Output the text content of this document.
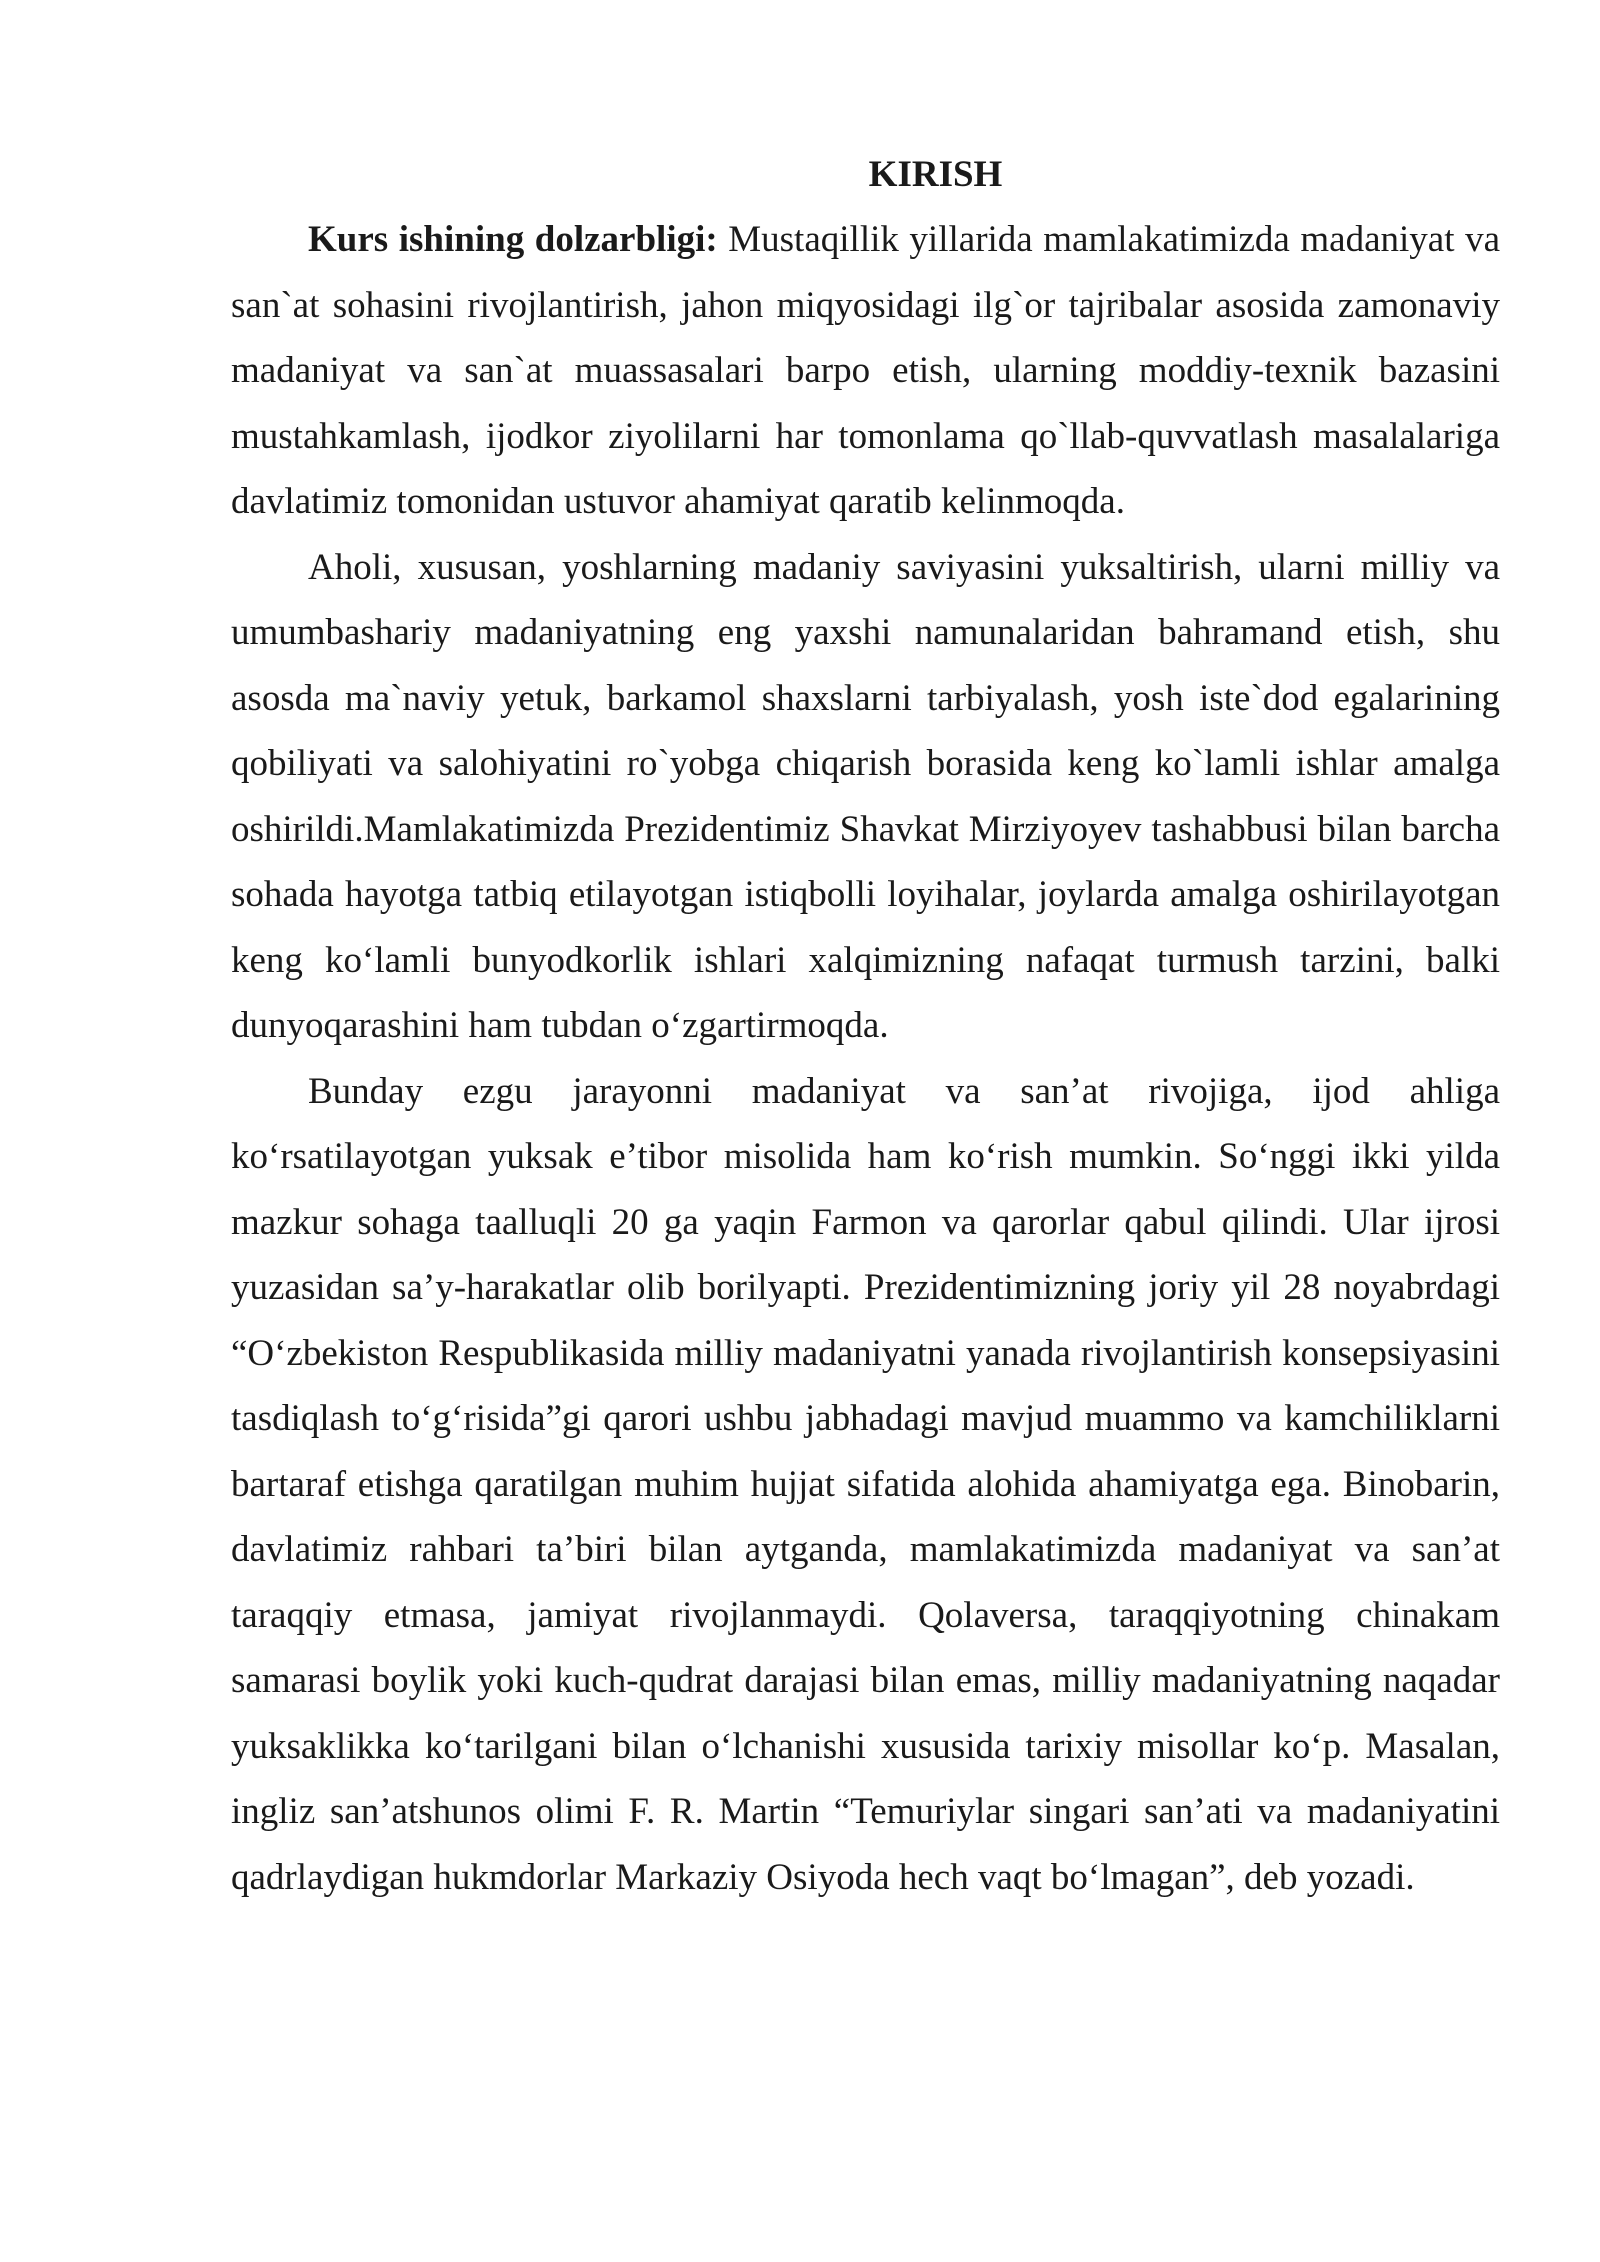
KIRISH

Kurs ishining dolzarbligi: Mustaqillik yillarida mamlakatimizda madaniyat va san`at sohasini rivojlantirish, jahon miqyosidagi ilg`or tajribalar asosida zamonaviy madaniyat va san`at muassasalari barpo etish, ularning moddiy-texnik bazasini mustahkamlash, ijodkor ziyolilarni har tomonlama qo`llab-quvvatlash masalalariga davlatimiz tomonidan ustuvor ahamiyat qaratib kelinmoqda.

Aholi, xususan, yoshlarning madaniy saviyasini yuksaltirish, ularni milliy va umumbashariy madaniyatning eng yaxshi namunalaridan bahramand etish, shu asosda ma`naviy yetuk, barkamol shaxslarni tarbiyalash, yosh iste`dod egalarining qobiliyati va salohiyatini ro`yobga chiqarish borasida keng ko`lamli ishlar amalga oshirildi.Mamlakatimizda Prezidentimiz Shavkat Mirziyoyev tashabbusi bilan barcha sohada hayotga tatbiq etilayotgan istiqbolli loyihalar, joylarda amalga oshirilayotgan keng koʻlamli bunyodkorlik ishlari xalqimizning nafaqat turmush tarzini, balki dunyoqarashini ham tubdan oʻzgartirmoqda.

Bunday ezgu jarayonni madaniyat va san’at rivojiga, ijod ahliga koʻrsatilayotgan yuksak e’tibor misolida ham koʻrish mumkin. Soʻnggi ikki yilda mazkur sohaga taalluqli 20 ga yaqin Farmon va qarorlar qabul qilindi. Ular ijrosi yuzasidan sa’y-harakatlar olib borilyapti. Prezidentimizning joriy yil 28 noyabrdagi “Oʻzbekiston Respublikasida milliy madaniyatni yanada rivojlantirish konsepsiyasini tasdiqlash toʻgʻrisida”gi qarori ushbu jabhadagi mavjud muammo va kamchiliklarni bartaraf etishga qaratilgan muhim hujjat sifatida alohida ahamiyatga ega. Binobarin, davlatimiz rahbari ta’biri bilan aytganda, mamlakatimizda madaniyat va san’at taraqqiy etmasa, jamiyat rivojlanmaydi. Qolaversa, taraqqiyotning chinakam samarasi boylik yoki kuch-qudrat darajasi bilan emas, milliy madaniyatning naqadar yuksaklikka koʻtarilgani bilan oʻlchanishi xususida tarixiy misollar koʻp. Masalan, ingliz san’atshunos olimi F. R. Martin “Temuriylar singari san’ati va madaniyatini qadrlaydigan hukmdorlar Markaziy Osiyoda hech vaqt boʻlmagan”, deb yozadi.
